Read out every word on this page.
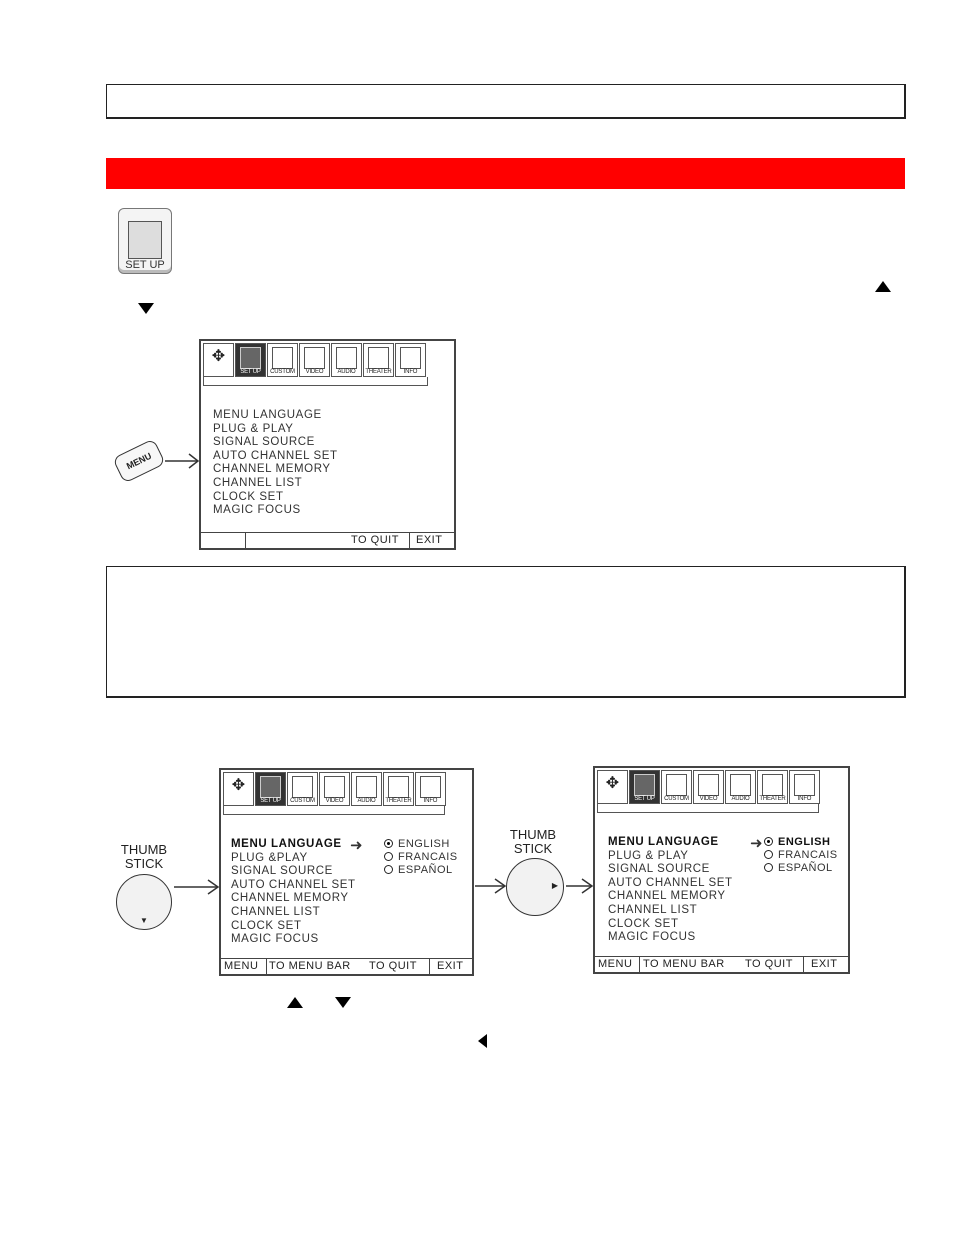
SET UP
MENU
✥
SET UP	CUSTOM	VIDEO	AUDIO	THEATER	INFO
MENU LANGUAGE
PLUG & PLAY
SIGNAL SOURCE
AUTO CHANNEL SET
CHANNEL MEMORY
CHANNEL LIST
CLOCK SET
MAGIC FOCUS
TO QUIT EXIT
THUMB STICK
▼
✥
SET UP	CUSTOM	VIDEO	AUDIO	THEATER	INFO
MENU LANGUAGE
PLUG &PLAY
SIGNAL SOURCE
AUTO CHANNEL SET
CHANNEL MEMORY
CHANNEL LIST
CLOCK SET
MAGIC FOCUS
➜	ENGLISH
FRANCAIS
ESPAÑOL
MENU TO MENU BAR TO QUIT EXIT
THUMB STICK
▶
✥
SET UP	CUSTOM	VIDEO	AUDIO	THEATER	INFO
MENU LANGUAGE
PLUG & PLAY
SIGNAL SOURCE
AUTO CHANNEL SET
CHANNEL MEMORY
CHANNEL LIST
CLOCK SET
MAGIC FOCUS
➜	ENGLISH
FRANCAIS
ESPAÑOL
MENU TO MENU BAR TO QUIT EXIT
